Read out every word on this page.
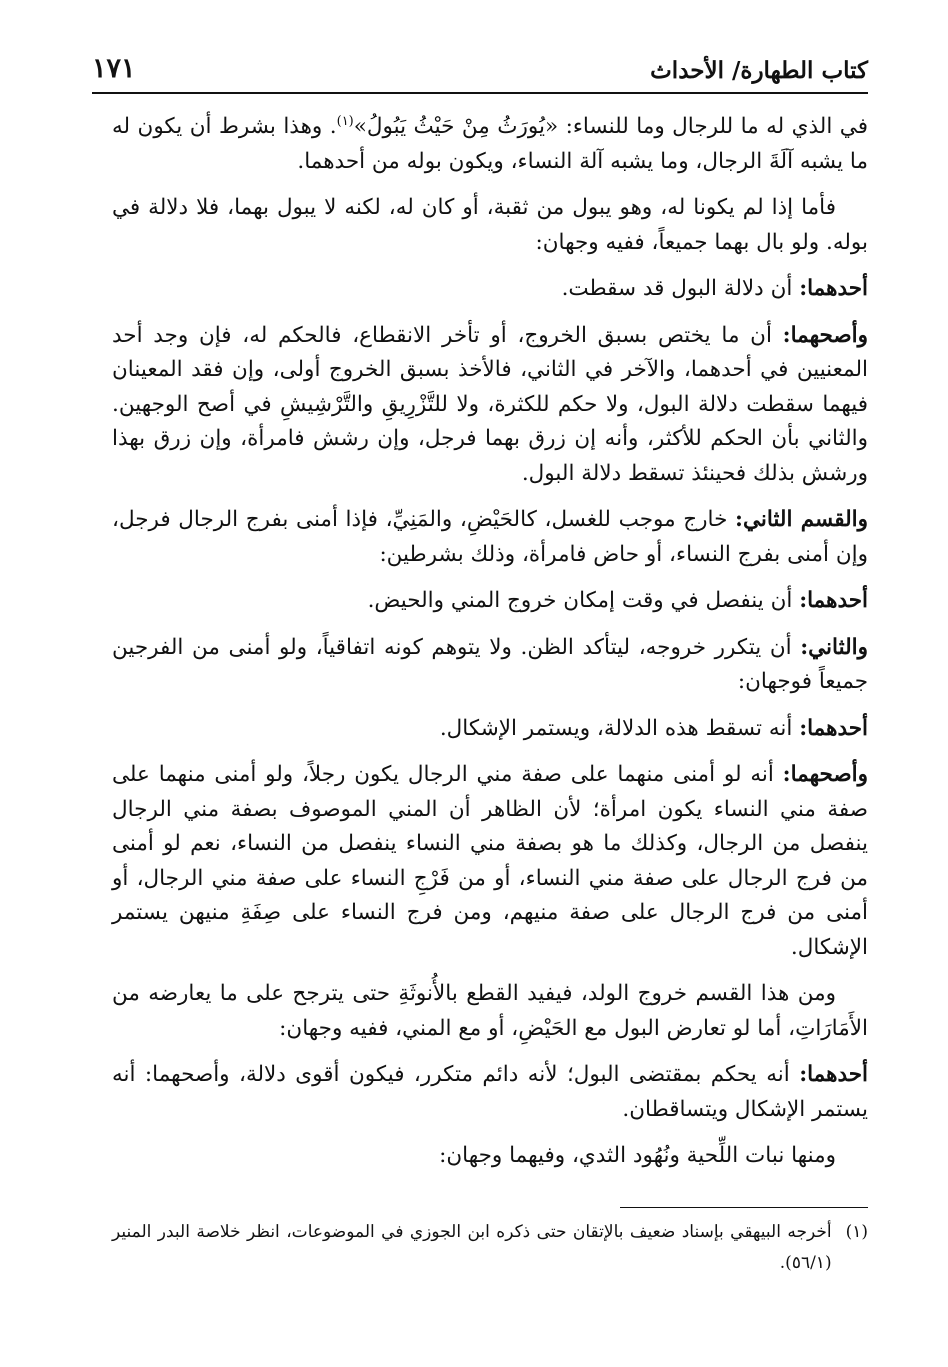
كتاب الطهارة/ الأحداث
١٧١

في الذي له ما للرجال وما للنساء: «يُورَثُ مِنْ حَيْثُ يَبُولُ»$^{(١)}$. وهذا بشرط أن يكون له ما يشبه آلَةَ الرجال، وما يشبه آلة النساء، ويكون بوله من أحدهما.

فأما إذا لم يكونا له، وهو يبول من ثقبة، أو كان له، لكنه لا يبول بهما، فلا دلالة في بوله. ولو بال بهما جميعاً، ففيه وجهان:

أحدهما: أن دلالة البول قد سقطت.

وأصحهما: أن ما يختص بسبق الخروج، أو تأخر الانقطاع، فالحكم له، فإن وجد أحد المعنيين في أحدهما، والآخر في الثاني، فالأخذ بسبق الخروج أولى، وإن فقد المعينان فيهما سقطت دلالة البول، ولا حكم للكثرة، ولا للتَّزْرِيقِ والتَّرْشِيشِ في أصح الوجهين. والثاني بأن الحكم للأكثر، وأنه إن زرق بهما فرجل، وإن رشش فامرأة، وإن زرق بهذا ورشش بذلك فحينئذ تسقط دلالة البول.

والقسم الثاني: خارج موجب للغسل، كالحَيْضِ، والمَنِيِّ، فإذا أمنى بفرج الرجال فرجل، وإن أمنى بفرج النساء، أو حاض فامرأة، وذلك بشرطين:

أحدهما: أن ينفصل في وقت إمكان خروج المني والحيض.

والثاني: أن يتكرر خروجه، ليتأكد الظن. ولا يتوهم كونه اتفاقياً، ولو أمنى من الفرجين جميعاً فوجهان:

أحدهما: أنه تسقط هذه الدلالة، ويستمر الإشكال.

وأصحهما: أنه لو أمنى منهما على صفة مني الرجال يكون رجلاً، ولو أمنى منهما على صفة مني النساء يكون امرأة؛ لأن الظاهر أن المني الموصوف بصفة مني الرجال ينفصل من الرجال، وكذلك ما هو بصفة مني النساء ينفصل من النساء، نعم لو أمنى من فرج الرجال على صفة مني النساء، أو من فَرْجِ النساء على صفة مني الرجال، أو أمنى من فرج الرجال على صفة منيهم، ومن فرج النساء على صِفَةِ منيهن يستمر الإشكال.

ومن هذا القسم خروج الولد، فيفيد القطع بالأُنوثَةِ حتى يترجح على ما يعارضه من الأَمَارَاتِ، أما لو تعارض البول مع الحَيْضِ، أو مع المني، ففيه وجهان:

أحدهما: أنه يحكم بمقتضى البول؛ لأنه دائم متكرر، فيكون أقوى دلالة، وأصحهما: أنه يستمر الإشكال ويتساقطان.

ومنها نبات اللِّحية ونُهُود الثدي، وفيهما وجهان:

(١)
أخرجه البيهقي بإسناد ضعيف بالإتقان حتى ذكره ابن الجوزي في الموضوعات، انظر خلاصة البدر المنير (٥٦/١).
